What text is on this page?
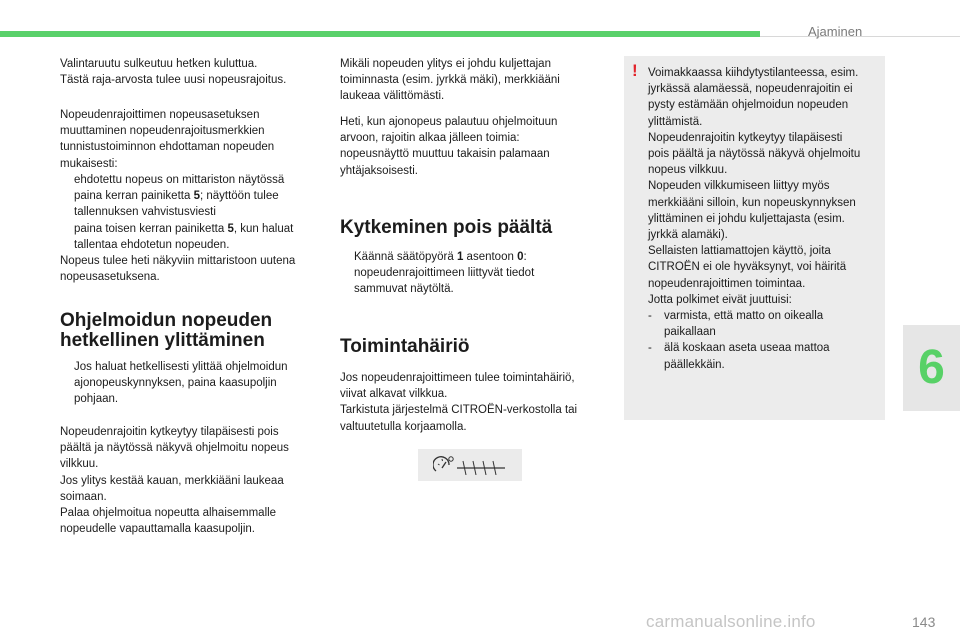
Ajaminen
6

Valintaruutu sulkeutuu hetken kuluttua.
Tästä raja-arvosta tulee uusi nopeusrajoitus.

Nopeudenrajoittimen nopeusasetuksen
muuttaminen nopeudenrajoitusmerkkien
tunnistustoiminnon ehdottaman nopeuden
mukaisesti:

ehdotettu nopeus on mittariston näytössä
paina kerran painiketta 5; näyttöön tulee
tallennuksen vahvistusviesti
paina toisen kerran painiketta 5, kun haluat
tallentaa ehdotetun nopeuden.

Nopeus tulee heti näkyviin mittaristoon uutena
nopeusasetuksena.

Ohjelmoidun nopeuden
hetkellinen ylittäminen
Jos haluat hetkellisesti ylittää ohjelmoidun
ajonopeuskynnyksen, paina kaasupoljin
pohjaan.

Nopeudenrajoitin kytkeytyy tilapäisesti pois
päältä ja näytössä näkyvä ohjelmoitu nopeus
vilkkuu.
Jos ylitys kestää kauan, merkkiääni laukeaa
soimaan.
Palaa ohjelmoitua nopeutta alhaisemmalle
nopeudelle vapauttamalla kaasupoljin.

Mikäli nopeuden ylitys ei johdu kuljettajan
toiminnasta (esim. jyrkkä mäki), merkkiääni
laukeaa välittömästi.

Heti, kun ajonopeus palautuu ohjelmoituun
arvoon, rajoitin alkaa jälleen toimia:
nopeusnäyttö muuttuu takaisin palamaan
yhtäjaksoisesti.

Kytkeminen pois päältä
Käännä säätöpyörä 1 asentoon 0:
nopeudenrajoittimeen liittyvät tiedot
sammuvat näytöltä.
Toimintahäiriö

Jos nopeudenrajoittimeen tulee toimintahäiriö,
viivat alkavat vilkkua.
Tarkistuta järjestelmä CITROËN-verkostolla tai
valtuutetulla korjaamolla.

! Voimakkaassa kiihdytystilanteessa, esim.
jyrkässä alamäessä, nopeudenrajoitin ei
pysty estämään ohjelmoidun nopeuden
ylittämistä.
Nopeudenrajoitin kytkeytyy tilapäisesti
pois päältä ja näytössä näkyvä ohjelmoitu
nopeus vilkkuu.
Nopeuden vilkkumiseen liittyy myös
merkkiääni silloin, kun nopeuskynnyksen
ylittäminen ei johdu kuljettajasta (esim.
jyrkkä alamäki).
Sellaisten lattiamattojen käyttö, joita
CITROËN ei ole hyväksynyt, voi häiritä
nopeudenrajoittimen toimintaa.
Jotta polkimet eivät juuttuisi:

- varmista, että matto on oikealla
paikallaan
- älä koskaan aseta useaa mattoa
päällekkäin.
carmanualsonline.info	143
